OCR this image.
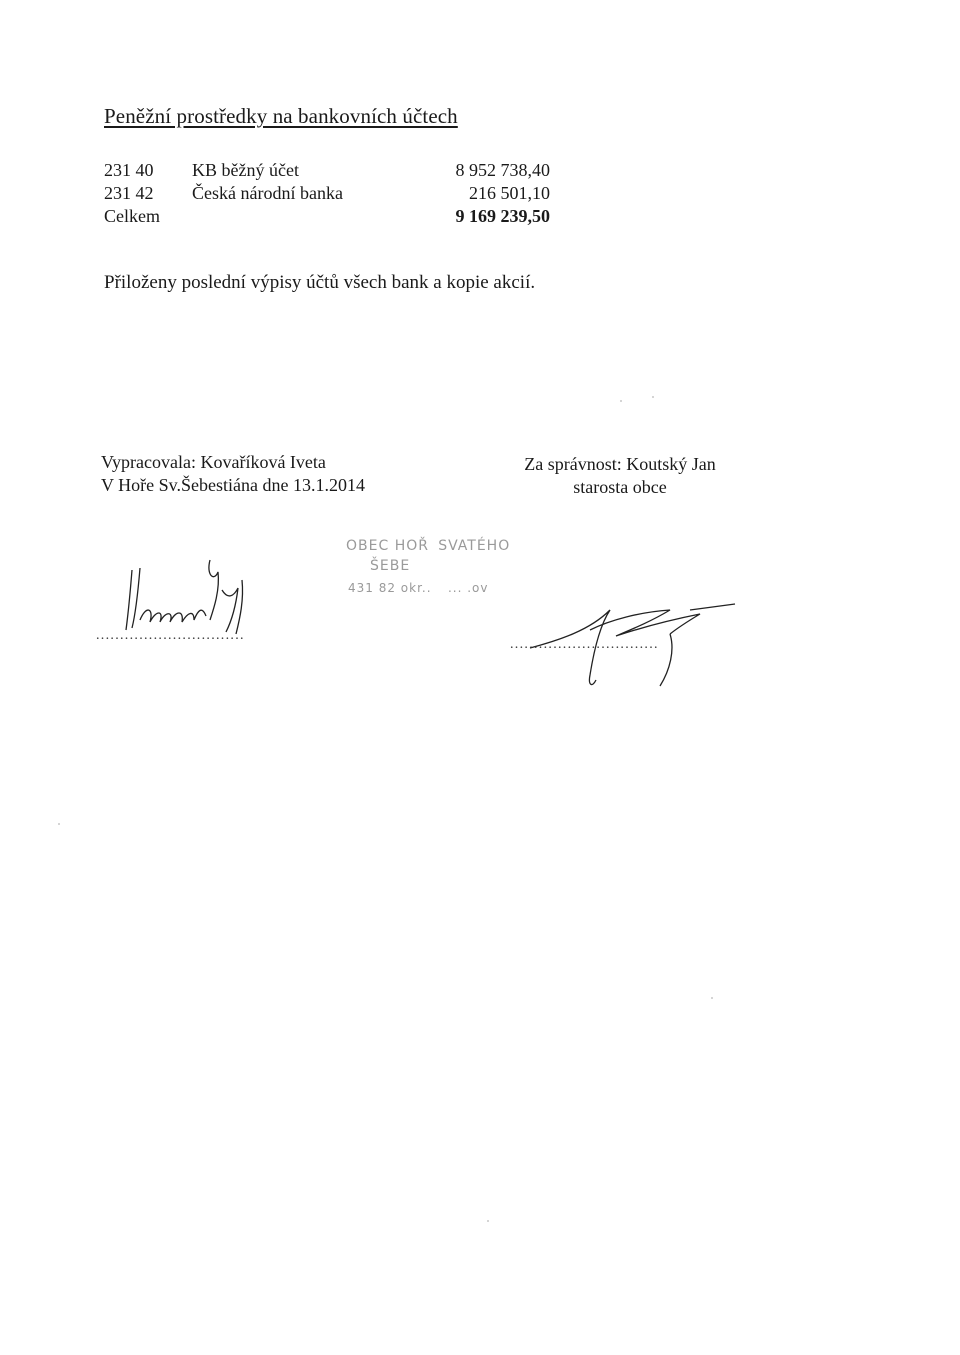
Peněžní prostředky na bankovních účtech
231 40 KB běžný účet	8 952 738,40
231 42 Česká národní banka	216 501,10
Celkem	9 169 239,50
Přiloženy poslední výpisy účtů všech bank a kopie akcií.
Vypracovala: Kovaříková Iveta
V Hoře Sv.Šebestiána dne 13.1.2014
Za správnost: Koutský Jan
starosta obce
OBEC HOŘ  SVATÉHO
ŠEBE 
431 82 okr..    ... .ov
...............................
...............................
